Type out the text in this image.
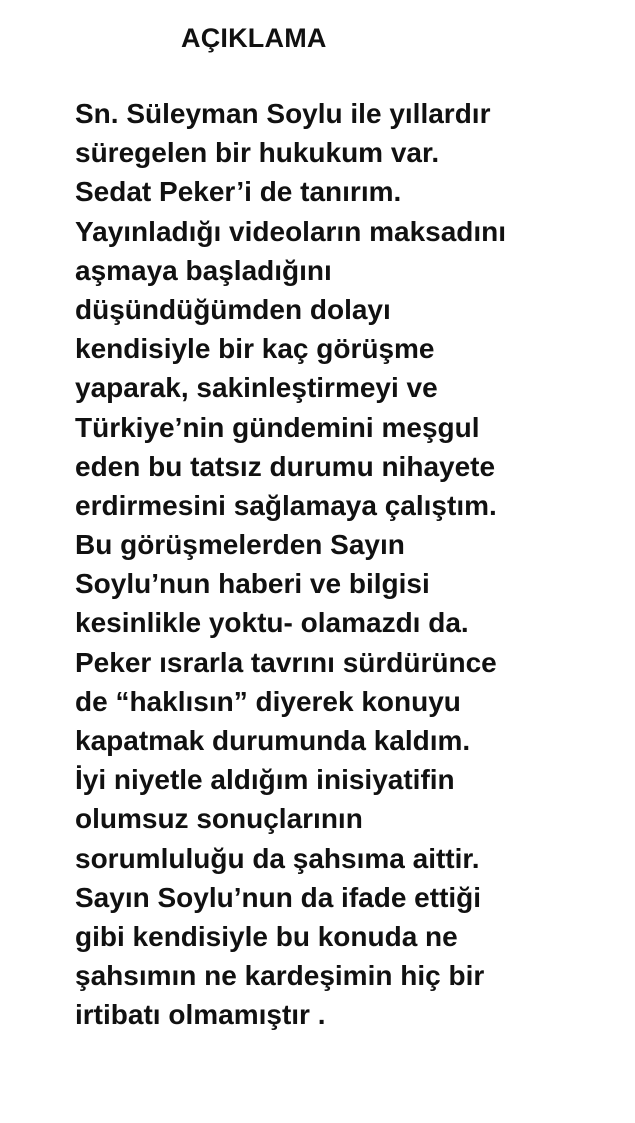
AÇIKLAMA
Sn. Süleyman Soylu ile yıllardır
süregelen bir hukukum var.
Sedat Peker’i de tanırım.
Yayınladığı videoların maksadını
aşmaya başladığını
düşündüğümden dolayı
kendisiyle bir kaç görüşme
yaparak, sakinleştirmeyi ve
Türkiye’nin gündemini meşgul
eden bu tatsız durumu nihayete
erdirmesini sağlamaya çalıştım.
Bu görüşmelerden Sayın
Soylu’nun haberi ve bilgisi
kesinlikle yoktu- olamazdı da.
Peker ısrarla tavrını sürdürünce
de “haklısın” diyerek konuyu
kapatmak durumunda kaldım.
İyi niyetle aldığım inisiyatifin
olumsuz sonuçlarının
sorumluluğu da şahsıma aittir.
Sayın Soylu’nun da ifade ettiği
gibi kendisiyle bu konuda ne
şahsımın ne kardeşimin hiç bir
irtibatı olmamıştır .
